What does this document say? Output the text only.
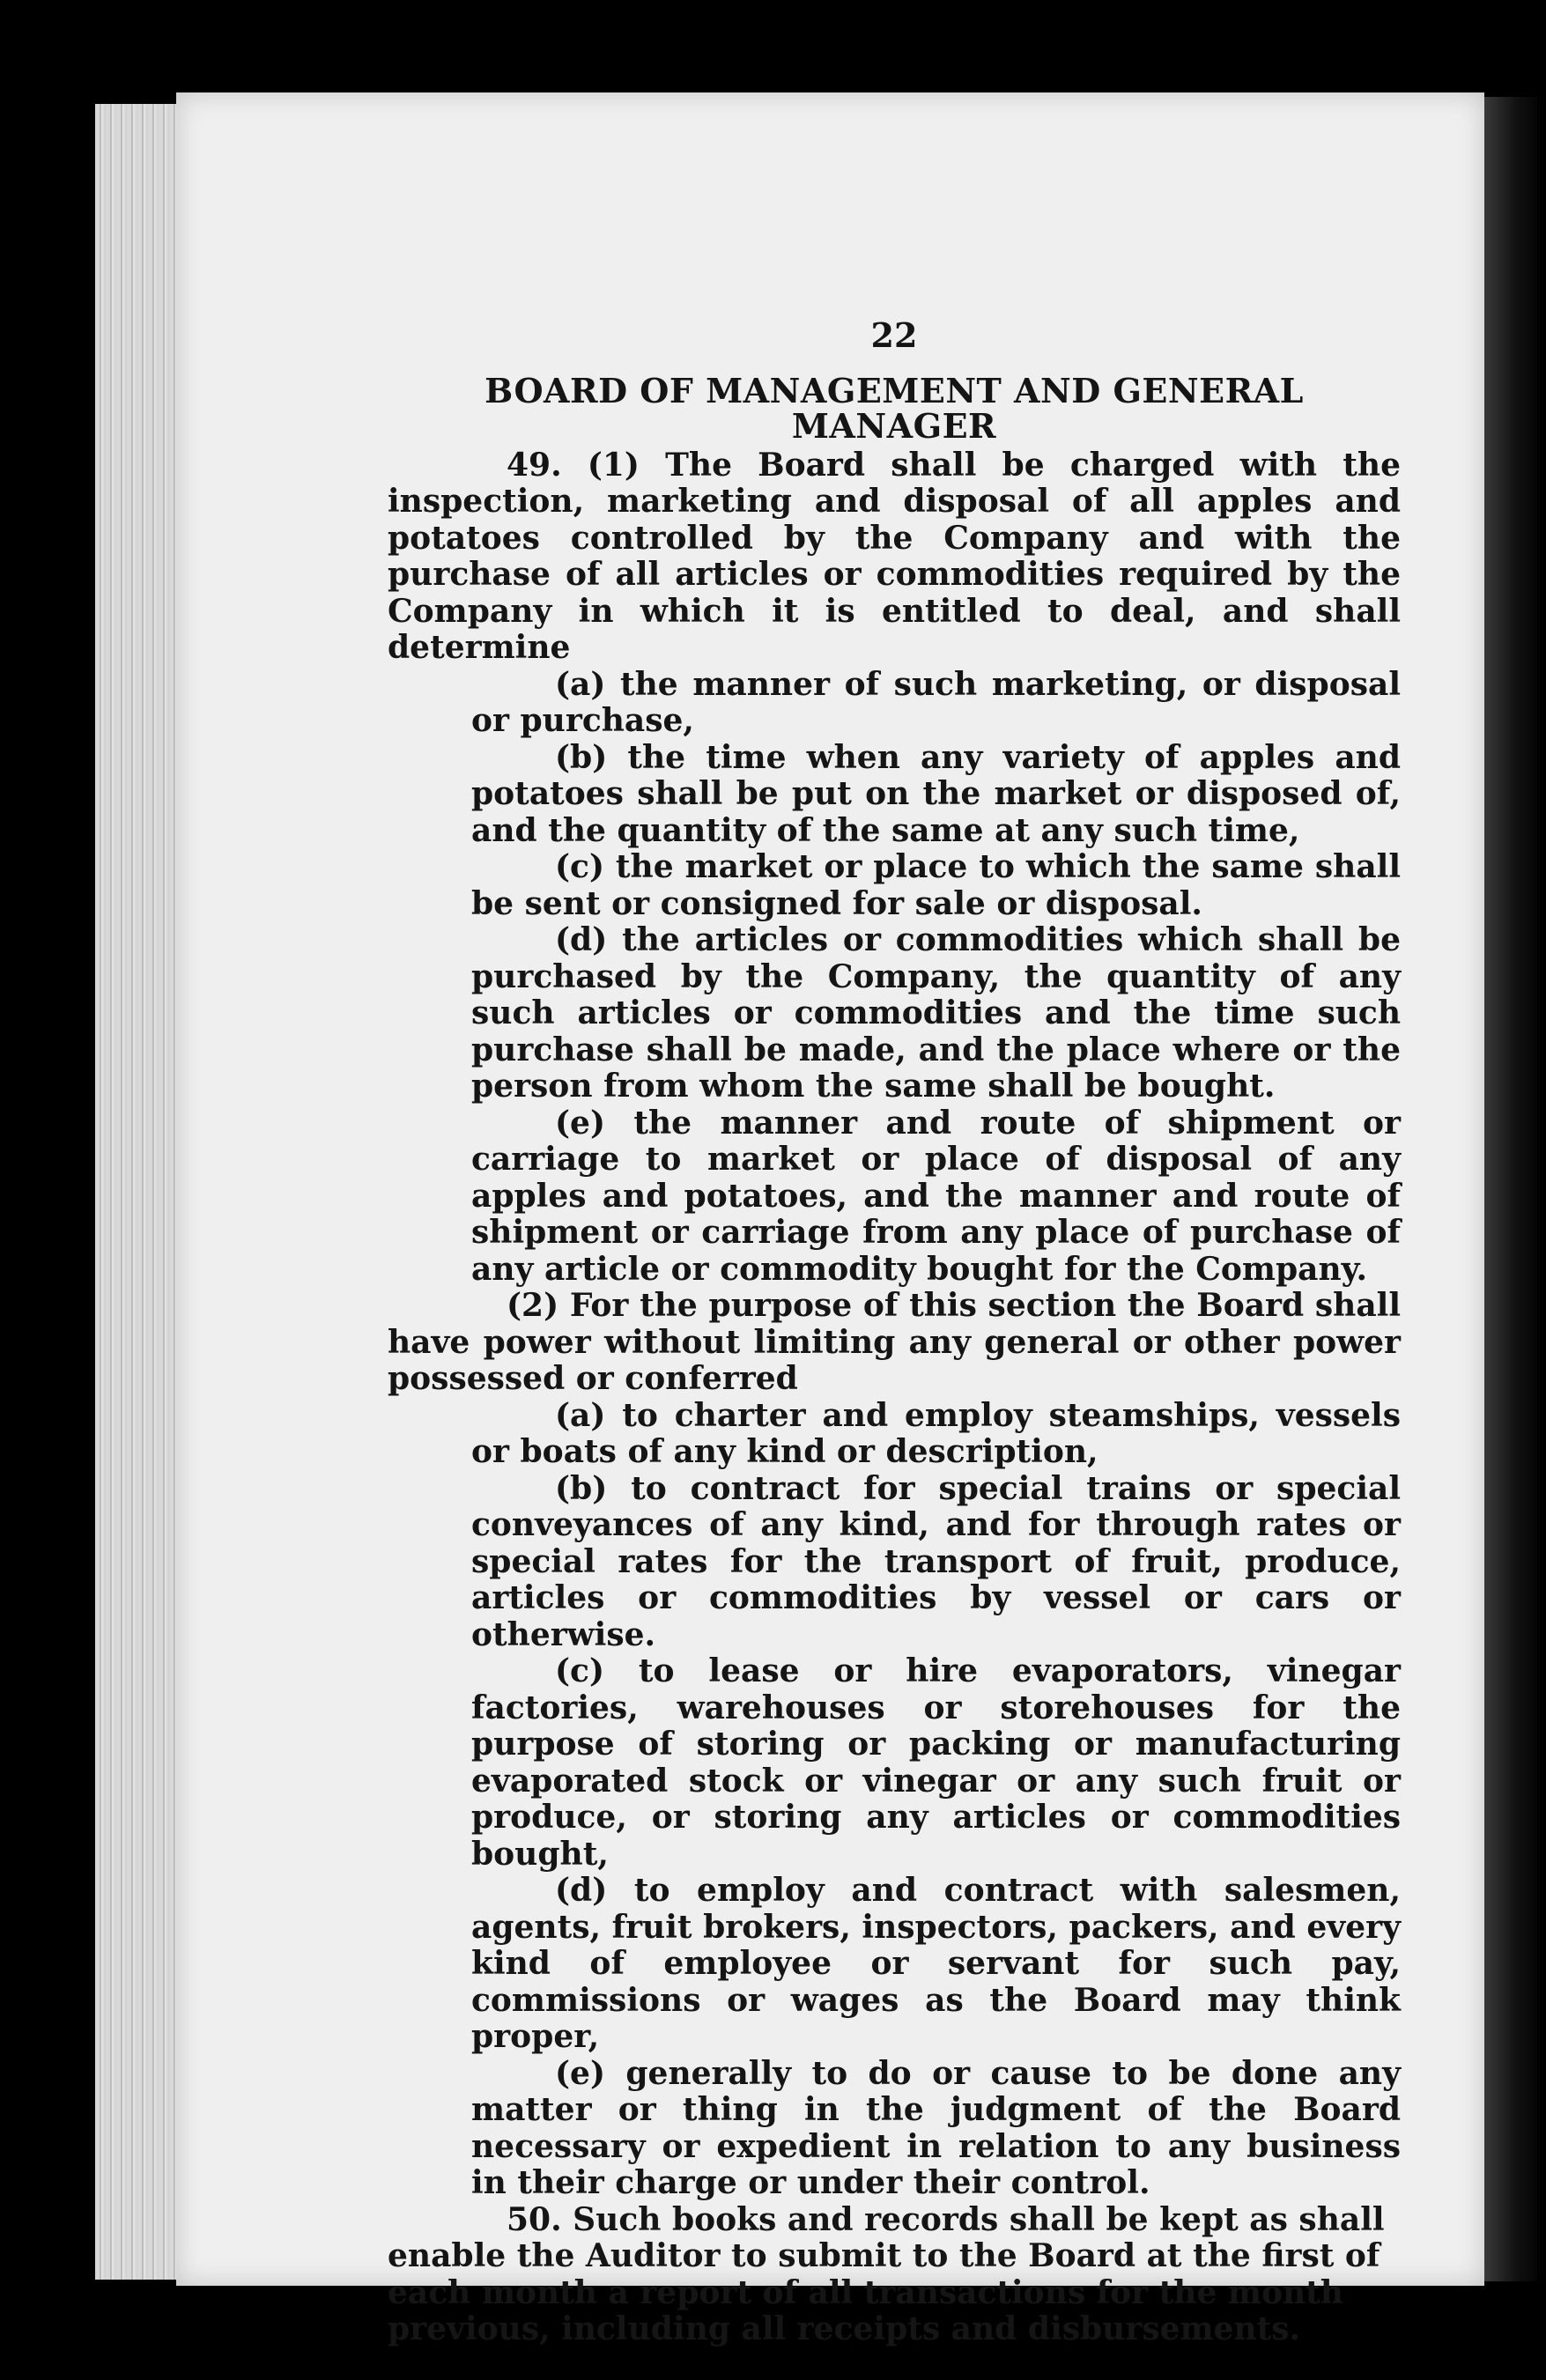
22
BOARD OF MANAGEMENT AND GENERAL MANAGER

49. (1) The Board shall be charged with the inspection, marketing and disposal of all apples and potatoes controlled by the Company and with the purchase of all articles or commodities required by the Company in which it is entitled to deal, and shall determine

(a) the manner of such marketing, or disposal or purchase,

(b) the time when any variety of apples and potatoes shall be put on the market or disposed of, and the quantity of the same at any such time,

(c) the market or place to which the same shall be sent or consigned for sale or disposal.

(d) the articles or commodities which shall be purchased by the Company, the quantity of any such articles or commodities and the time such purchase shall be made, and the place where or the person from whom the same shall be bought.

(e) the manner and route of shipment or carriage to market or place of disposal of any apples and potatoes, and the manner and route of shipment or carriage from any place of purchase of any article or commodity bought for the Company.

(2) For the purpose of this section the Board shall have power without limiting any general or other power possessed or conferred

(a) to charter and employ steamships, vessels or boats of any kind or description,

(b) to contract for special trains or special conveyances of any kind, and for through rates or special rates for the transport of fruit, produce, articles or commodities by vessel or cars or otherwise.

(c) to lease or hire evaporators, vinegar factories, warehouses or storehouses for the purpose of storing or packing or manufacturing evaporated stock or vinegar or any such fruit or produce, or storing any articles or commodities bought,

(d) to employ and contract with salesmen, agents, fruit brokers, inspectors, packers, and every kind of employee or servant for such pay, commissions or wages as the Board may think proper,

(e) generally to do or cause to be done any matter or thing in the judgment of the Board necessary or expedient in relation to any business in their charge or under their control.

50. Such books and records shall be kept as shall enable the Auditor to submit to the Board at the first of each month a report of all transactions for the month previous, including all receipts and disbursements.
